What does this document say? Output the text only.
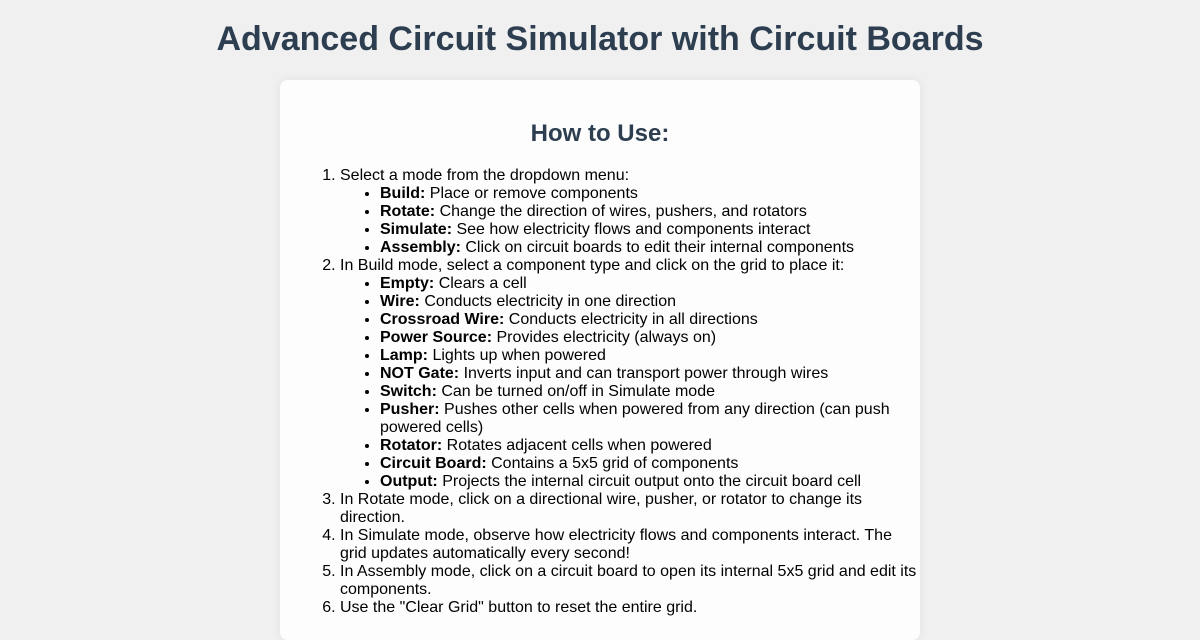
Advanced Circuit Simulator with Circuit Boards
How to Use:
1. Select a mode from the dropdown menu:
• Build: Place or remove components
• Rotate: Change the direction of wires, pushers, and rotators
• Simulate: See how electricity flows and components interact
• Assembly: Click on circuit boards to edit their internal components
2. In Build mode, select a component type and click on the grid to place it:
• Empty: Clears a cell
• Wire: Conducts electricity in one direction
• Crossroad Wire: Conducts electricity in all directions
• Power Source: Provides electricity (always on)
• Lamp: Lights up when powered
• NOT Gate: Inverts input and can transport power through wires
• Switch: Can be turned on/off in Simulate mode
• Pusher: Pushes other cells when powered from any direction (can push powered cells)
• Rotator: Rotates adjacent cells when powered
• Circuit Board: Contains a 5x5 grid of components
• Output: Projects the internal circuit output onto the circuit board cell
3. In Rotate mode, click on a directional wire, pusher, or rotator to change its direction.
4. In Simulate mode, observe how electricity flows and components interact. The grid updates automatically every second!
5. In Assembly mode, click on a circuit board to open its internal 5x5 grid and edit its components.
6. Use the "Clear Grid" button to reset the entire grid.
